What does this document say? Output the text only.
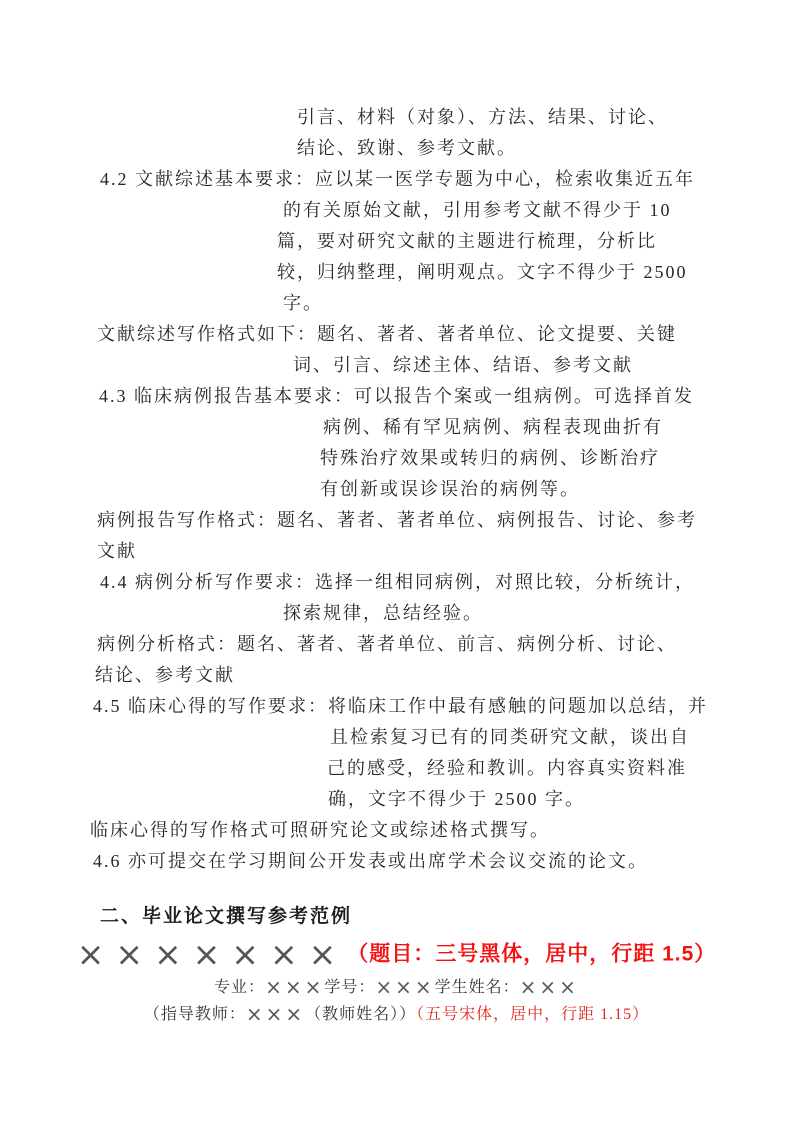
引言、材料（对象）、方法、结果、讨论、
结论、致谢、参考文献。
4.2 文献综述基本要求：应以某一医学专题为中心，检索收集近五年
的有关原始文献，引用参考文献不得少于 10
篇，要对研究文献的主题进行梳理，分析比
较，归纳整理，阐明观点。文字不得少于 2500
字。
文献综述写作格式如下：题名、著者、著者单位、论文提要、关键
词、引言、综述主体、结语、参考文献
4.3 临床病例报告基本要求：可以报告个案或一组病例。可选择首发
病例、稀有罕见病例、病程表现曲折有
特殊治疗效果或转归的病例、诊断治疗
有创新或误诊误治的病例等。
病例报告写作格式：题名、著者、著者单位、病例报告、讨论、参考
文献
4.4 病例分析写作要求：选择一组相同病例，对照比较，分析统计，
探索规律，总结经验。
病例分析格式：题名、著者、著者单位、前言、病例分析、讨论、
结论、参考文献
4.5 临床心得的写作要求：将临床工作中最有感触的问题加以总结，并
且检索复习已有的同类研究文献，谈出自
己的感受，经验和教训。内容真实资料准
确，文字不得少于 2500 字。
临床心得的写作格式可照研究论文或综述格式撰写。
4.6 亦可提交在学习期间公开发表或出席学术会议交流的论文。
二、毕业论文撰写参考范例
×××××××（题目：三号黑体，居中，行距 1.5）
专业：×××学号：×××学生姓名：×××
（指导教师：×××（教师姓名））（五号宋体，居中，行距 1.15）
